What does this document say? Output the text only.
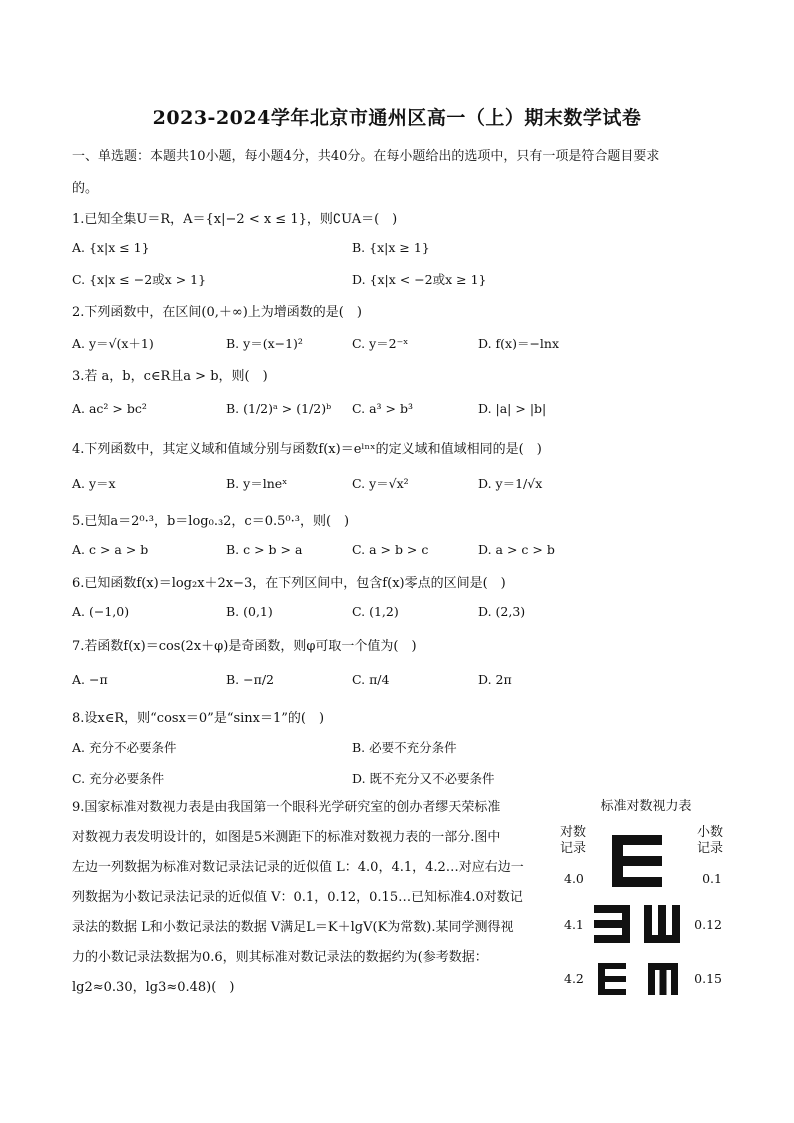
2023-2024学年北京市通州区高一（上）期末数学试卷
一、单选题：本题共10小题，每小题4分，共40分。在每小题给出的选项中，只有一项是符合题目要求
的。
1.已知全集U＝R，A＝{x|−2 < x ≤ 1}，则∁UA＝(　)
A. {x|x ≤ 1}	B. {x|x ≥ 1}
C. {x|x ≤ −2或x > 1}	D. {x|x < −2或x ≥ 1}
2.下列函数中，在区间(0,＋∞)上为增函数的是(　)
A. y＝√(x＋1)	B. y＝(x−1)²	C. y＝2⁻ˣ	D. f(x)＝−lnx
3.若 a，b，c∈R且a > b，则(　)
A. ac² > bc²	B. (1/2)ᵃ > (1/2)ᵇ C. a³ > b³	D. |a| > |b|
4.下列函数中，其定义域和值域分别与函数f(x)＝eˡⁿˣ的定义域和值域相同的是(　)
A. y＝x	B. y＝lneˣ	C. y＝√x²	D. y＝1/√x
5.已知a＝2⁰·³，b＝log₀.₃2，c＝0.5⁰·³，则(　)
A. c > a > b	B. c > b > a	C. a > b > c	D. a > c > b
6.已知函数f(x)＝log₂x＋2x−3，在下列区间中，包含f(x)零点的区间是(　)
A. (−1,0)	B. (0,1)	C. (1,2)	D. (2,3)
7.若函数f(x)＝cos(2x＋φ)是奇函数，则φ可取一个值为(　)
A. −π	B. −π/2	C. π/4	D. 2π
8.设x∈R，则“cosx＝0”是“sinx＝1”的(　)
A. 充分不必要条件	B. 必要不充分条件
C. 充分必要条件	D. 既不充分又不必要条件
9.国家标准对数视力表是由我国第一个眼科光学研究室的创办者缪天荣标准
对数视力表发明设计的，如图是5米测距下的标准对数视力表的一部分.图中
左边一列数据为标准对数记录法记录的近似值 L：4.0，4.1，4.2…对应右边一
列数据为小数记录法记录的近似值 V：0.1，0.12，0.15…已知标准4.0对数记
录法的数据 L和小数记录法的数据 V满足L＝K＋lgV(K为常数).某同学测得视
力的小数记录法数据为0.6，则其标准对数记录法的数据约为(参考数据：
lg2≈0.30，lg3≈0.48)(　)
标准对数视力表
对数
记录
小数
记录
4.0	0.1
4.1	0.12
4.2	0.15
